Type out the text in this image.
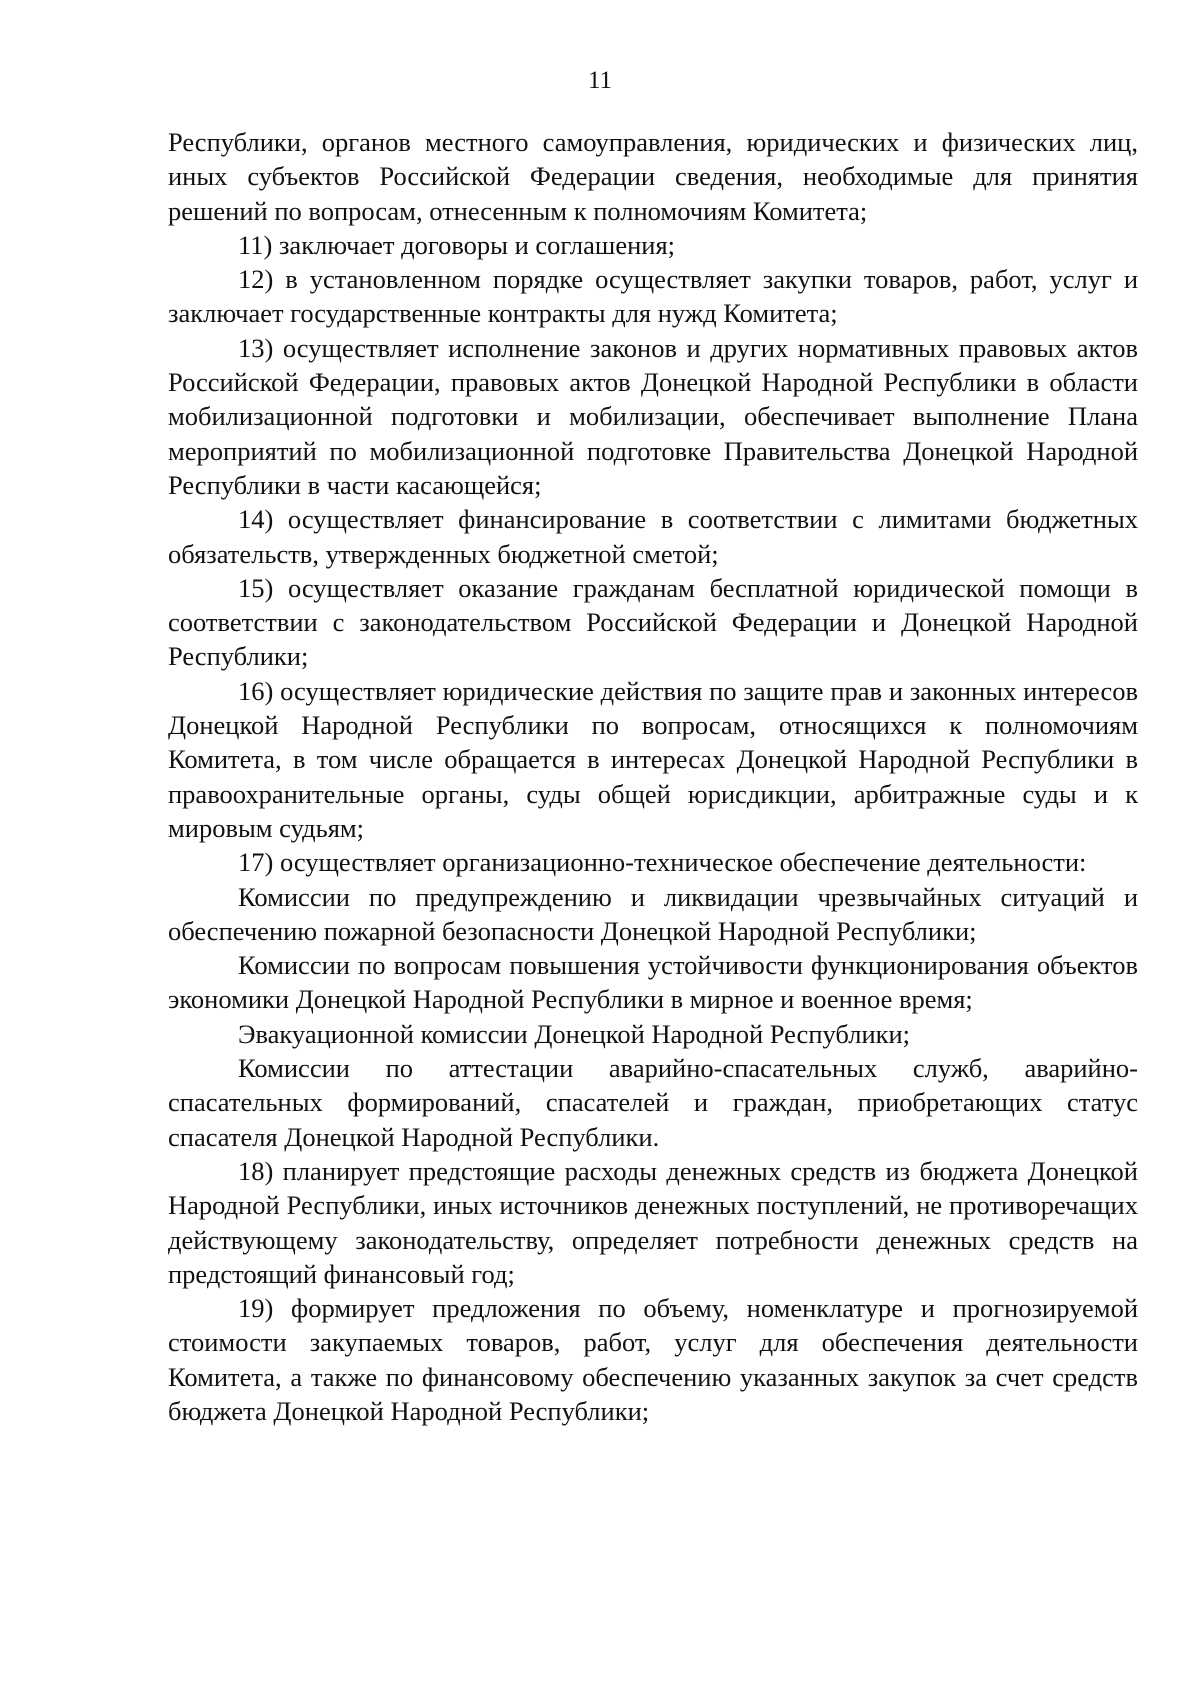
11

Республики, органов местного самоуправления, юридических и физических лиц, иных субъектов Российской Федерации сведения, необходимые для принятия решений по вопросам, отнесенным к полномочиям Комитета;

11) заключает договоры и соглашения;

12) в установленном порядке осуществляет закупки товаров, работ, услуг и заключает государственные контракты для нужд Комитета;

13) осуществляет исполнение законов и других нормативных правовых актов Российской Федерации, правовых актов Донецкой Народной Республики в области мобилизационной подготовки и мобилизации, обеспечивает выполнение Плана мероприятий по мобилизационной подготовке Правительства Донецкой Народной Республики в части касающейся;

14) осуществляет финансирование в соответствии с лимитами бюджетных обязательств, утвержденных бюджетной сметой;

15) осуществляет оказание гражданам бесплатной юридической помощи в соответствии с законодательством Российской Федерации и Донецкой Народной Республики;

16) осуществляет юридические действия по защите прав и законных интересов Донецкой Народной Республики по вопросам, относящихся к полномочиям Комитета, в том числе обращается в интересах Донецкой Народной Республики в правоохранительные органы, суды общей юрисдикции, арбитражные суды и к мировым судьям;

17) осуществляет организационно-техническое обеспечение деятельности:

Комиссии по предупреждению и ликвидации чрезвычайных ситуаций и обеспечению пожарной безопасности Донецкой Народной Республики;

Комиссии по вопросам повышения устойчивости функционирования объектов экономики Донецкой Народной Республики в мирное и военное время;

Эвакуационной комиссии Донецкой Народной Республики;

Комиссии по аттестации аварийно-спасательных служб, аварийно-спасательных формирований, спасателей и граждан, приобретающих статус спасателя Донецкой Народной Республики.

18) планирует предстоящие расходы денежных средств из бюджета Донецкой Народной Республики, иных источников денежных поступлений, не противоречащих действующему законодательству, определяет потребности денежных средств на предстоящий финансовый год;

19) формирует предложения по объему, номенклатуре и прогнозируемой стоимости закупаемых товаров, работ, услуг для обеспечения деятельности Комитета, а также по финансовому обеспечению указанных закупок за счет средств бюджета Донецкой Народной Республики;
